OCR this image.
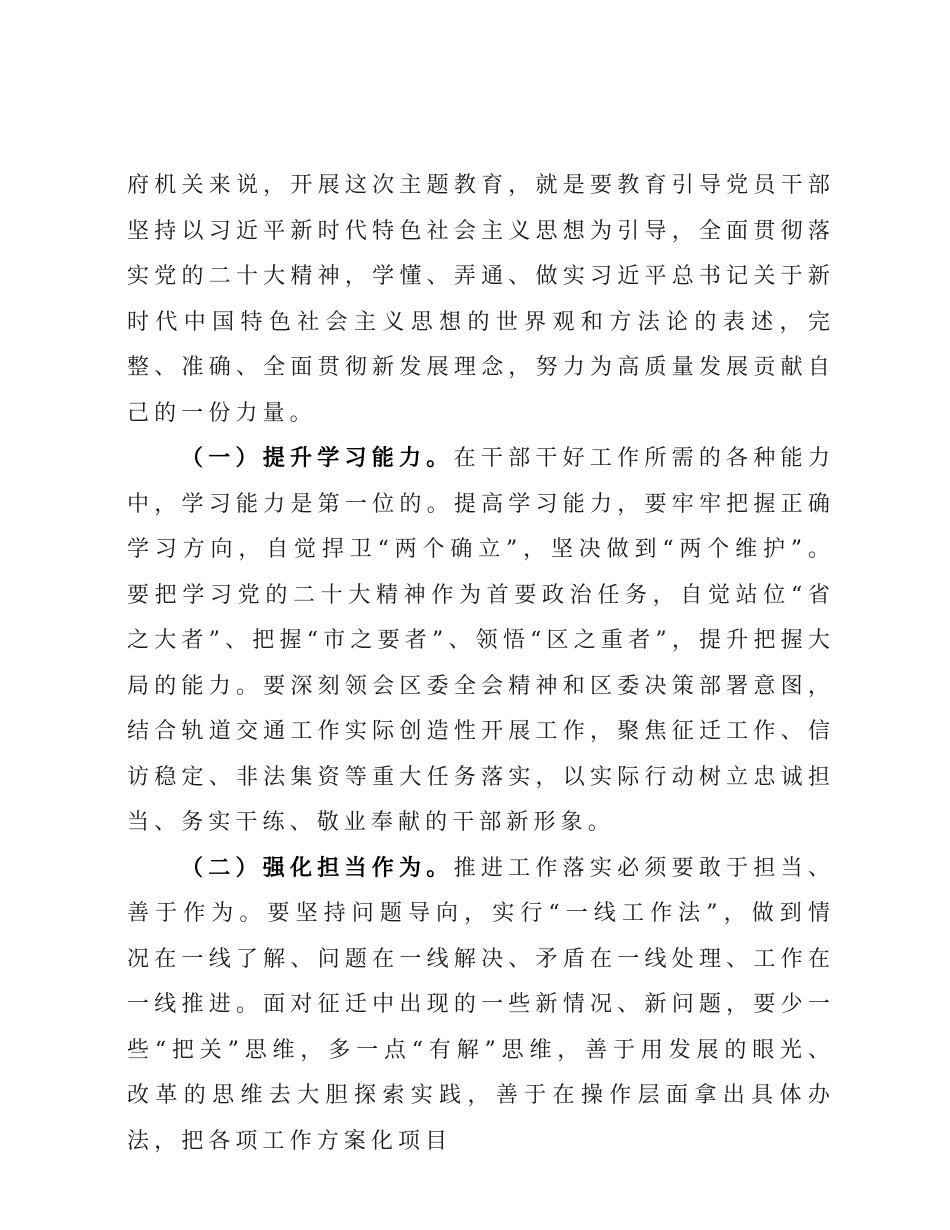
府机关来说，开展这次主题教育，就是要教育引导党员干部坚持以习近平新时代特色社会主义思想为引导，全面贯彻落实党的二十大精神，学懂、弄通、做实习近平总书记关于新时代中国特色社会主义思想的世界观和方法论的表述，完整、准确、全面贯彻新发展理念，努力为高质量发展贡献自己的一份力量。

（一）提升学习能力。在干部干好工作所需的各种能力中，学习能力是第一位的。提高学习能力，要牢牢把握正确学习方向，自觉捍卫“两个确立”，坚决做到“两个维护”。要把学习党的二十大精神作为首要政治任务，自觉站位“省之大者”、把握“市之要者”、领悟“区之重者”，提升把握大局的能力。要深刻领会区委全会精神和区委决策部署意图，结合轨道交通工作实际创造性开展工作，聚焦征迁工作、信访稳定、非法集资等重大任务落实，以实际行动树立忠诚担当、务实干练、敬业奉献的干部新形象。

（二）强化担当作为。推进工作落实必须要敢于担当、善于作为。要坚持问题导向，实行“一线工作法”，做到情况在一线了解、问题在一线解决、矛盾在一线处理、工作在一线推进。面对征迁中出现的一些新情况、新问题，要少一些“把关”思维，多一点“有解”思维，善于用发展的眼光、改革的思维去大胆探索实践，善于在操作层面拿出具体办法，把各项工作方案化项目
